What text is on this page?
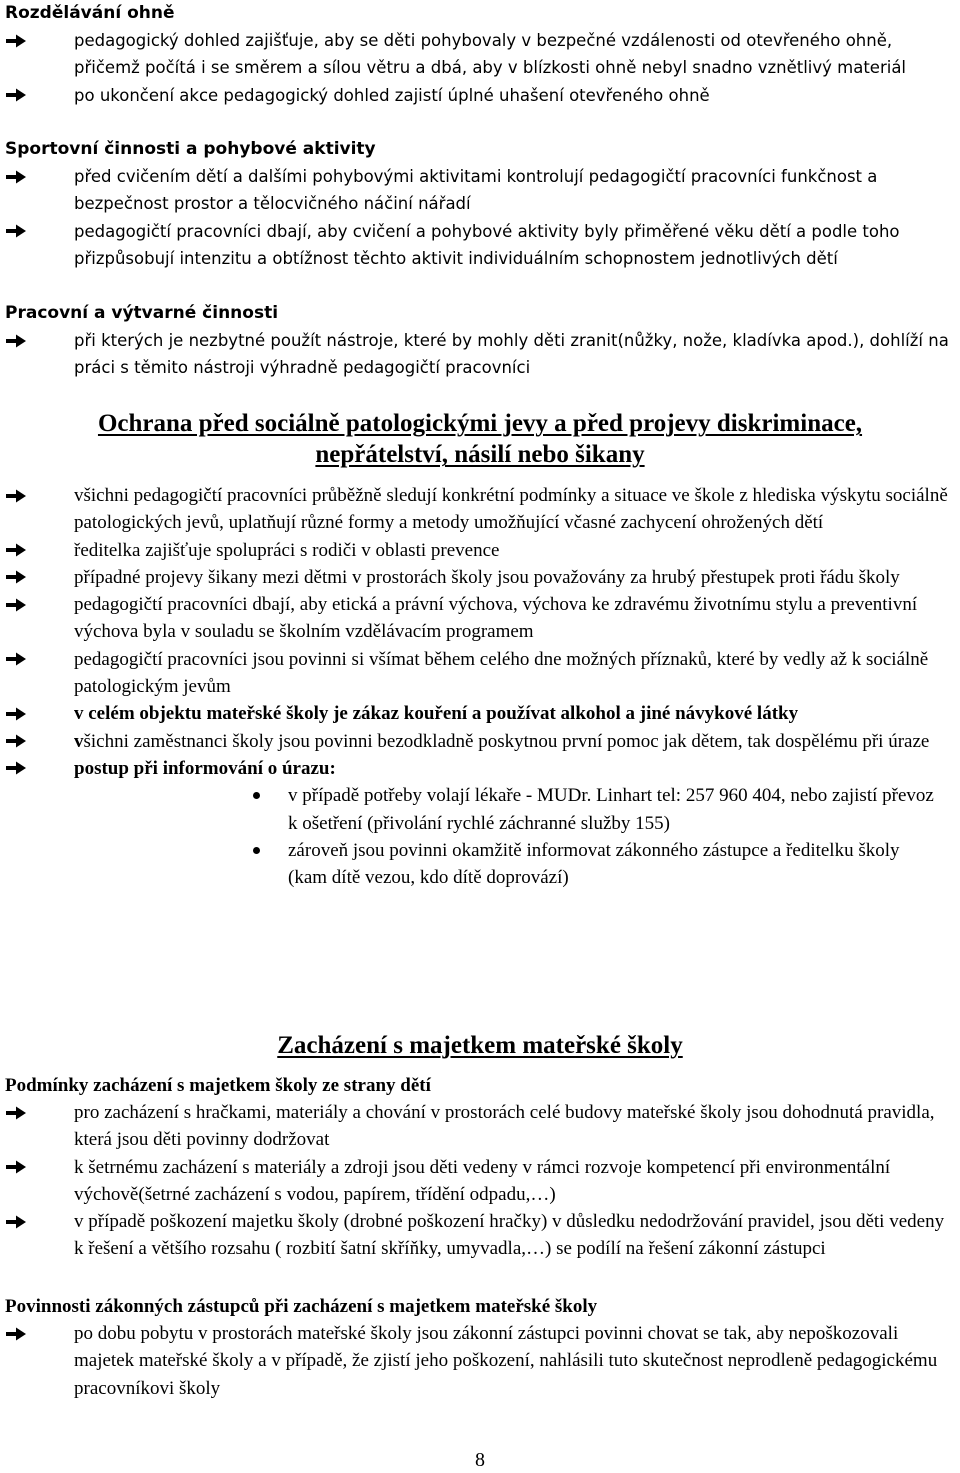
Rozdělávání ohně

pedagogický dohled zajišťuje, aby se děti pohybovaly v bezpečné vzdálenosti od otevřeného ohně, přičemž počítá i se směrem a sílou větru a dbá, aby v blízkosti ohně nebyl snadno vznětlivý materiál
po ukončení akce pedagogický dohled zajistí úplné uhašení otevřeného ohně

Sportovní činnosti a pohybové aktivity

před cvičením dětí a dalšími pohybovými aktivitami kontrolují pedagogičtí pracovníci funkčnost a bezpečnost prostor a tělocvičného náčiní nářadí
pedagogičtí pracovníci dbají, aby cvičení a pohybové aktivity byly přiměřené věku dětí a podle toho přizpůsobují intenzitu a obtížnost těchto aktivit individuálním schopnostem jednotlivých dětí

Pracovní a výtvarné činnosti

při kterých je nezbytné použít nástroje, které by mohly děti zranit(nůžky, nože, kladívka apod.), dohlíží na práci s těmito nástroji výhradně pedagogičtí pracovníci

Ochrana před sociálně patologickými jevy a před projevy diskriminace,

nepřátelství, násilí nebo šikany

všichni pedagogičtí pracovníci průběžně sledují konkrétní podmínky a situace ve škole z hlediska výskytu sociálně patologických jevů, uplatňují různé formy a metody umožňující včasné zachycení ohrožených dětí
ředitelka zajišťuje spolupráci s rodiči v oblasti prevence
případné projevy šikany mezi dětmi v prostorách školy jsou považovány za hrubý přestupek proti řádu školy
pedagogičtí pracovníci dbají, aby etická a právní výchova, výchova ke zdravému životnímu stylu a preventivní výchova byla v souladu se školním vzdělávacím programem
pedagogičtí pracovníci jsou povinni si všímat během celého dne možných příznaků, které by vedly až k sociálně patologickým jevům
v celém objektu mateřské školy je zákaz kouření a používat alkohol a jiné návykové látky
všichni zaměstnanci školy jsou povinni bezodkladně poskytnou první pomoc jak dětem, tak dospělému při úraze
postup při informování o úrazu:
v případě potřeby volají lékaře - MUDr. Linhart tel: 257 960 404, nebo zajistí převoz k ošetření (přivolání rychlé záchranné služby 155)
zároveň jsou povinni okamžitě informovat zákonného zástupce a ředitelku školy (kam dítě vezou, kdo dítě doprovází)

Zacházení s majetkem mateřské školy

Podmínky zacházení s majetkem školy ze strany dětí

pro zacházení s hračkami, materiály a chování v prostorách celé budovy mateřské školy jsou dohodnutá pravidla, která jsou děti povinny dodržovat
k šetrnému zacházení s materiály a zdroji jsou děti vedeny v rámci rozvoje kompetencí při environmentální výchově(šetrné zacházení s vodou, papírem, třídění odpadu,…)
v případě poškození majetku školy (drobné poškození hračky) v důsledku nedodržování pravidel, jsou děti vedeny k řešení a většího rozsahu ( rozbití šatní skříňky, umyvadla,…) se podílí na řešení zákonní zástupci

Povinnosti zákonných zástupců při zacházení s majetkem mateřské školy

po dobu pobytu v prostorách mateřské školy jsou zákonní zástupci povinni chovat se tak, aby nepoškozovali majetek mateřské školy a v případě, že zjistí jeho poškození, nahlásili tuto skutečnost neprodleně pedagogickému pracovníkovi školy
8
